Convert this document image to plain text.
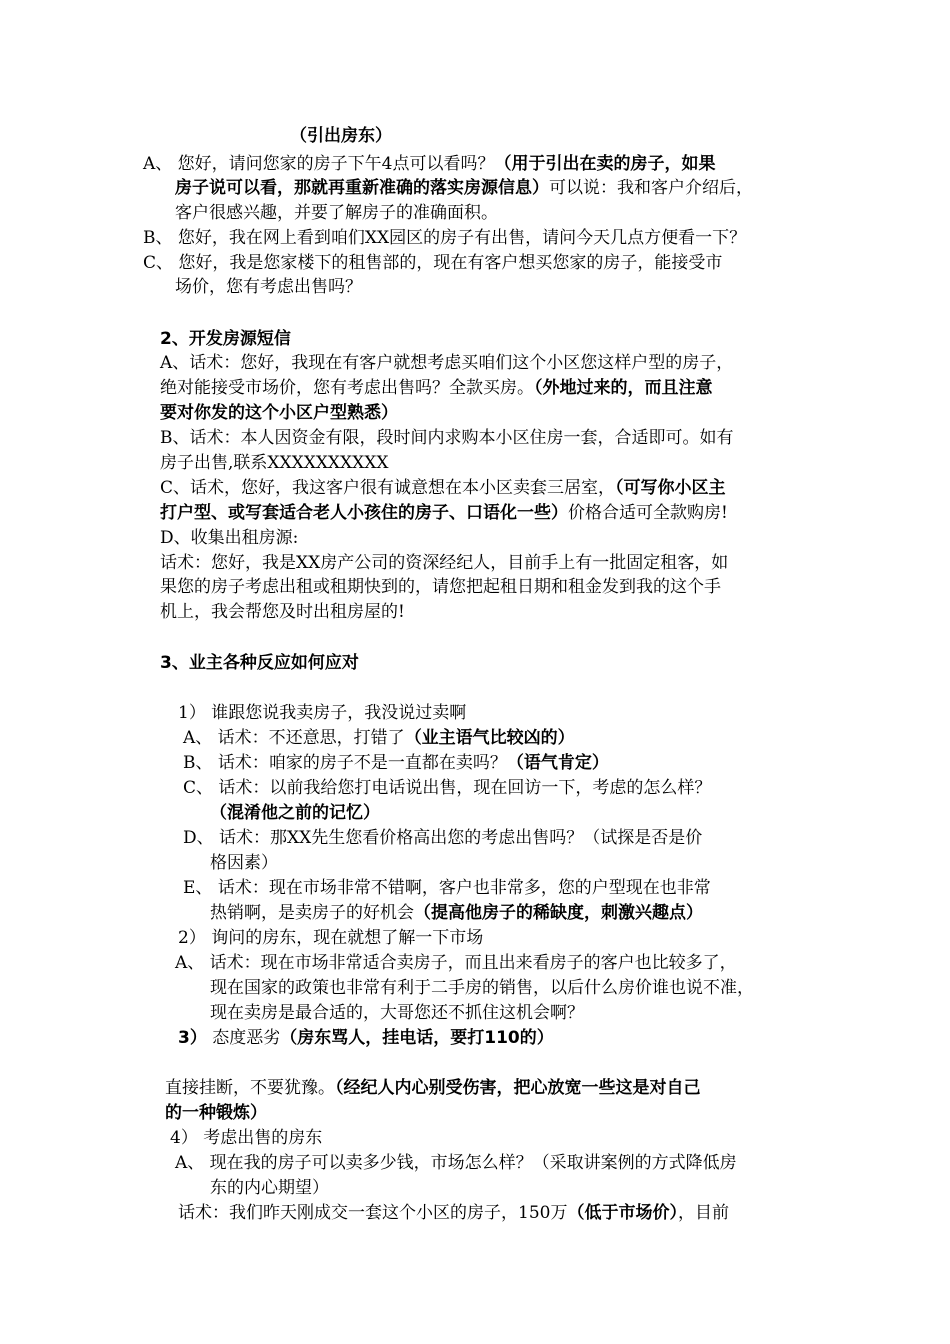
（引出房东）
A、 您好，请问您家的房子下午4点可以看吗？（用于引出在卖的房子，如果
房子说可以看，那就再重新准确的落实房源信息）可以说：我和客户介绍后，
客户很感兴趣，并要了解房子的准确面积。
B、 您好，我在网上看到咱们XX园区的房子有出售，请问今天几点方便看一下？
C、 您好，我是您家楼下的租售部的，现在有客户想买您家的房子，能接受市
场价，您有考虑出售吗？
2、开发房源短信
A、话术：您好，我现在有客户就想考虑买咱们这个小区您这样户型的房子，
绝对能接受市场价，您有考虑出售吗？全款买房。（外地过来的，而且注意
要对你发的这个小区户型熟悉）
B、话术：本人因资金有限，段时间内求购本小区住房一套，合适即可。如有
房子出售,联系XXXXXXXXXX
C、话术，您好，我这客户很有诚意想在本小区卖套三居室，（可写你小区主
打户型、或写套适合老人小孩住的房子、口语化一些）价格合适可全款购房!
D、收集出租房源:
话术：您好，我是XX房产公司的资深经纪人，目前手上有一批固定租客，如
果您的房子考虑出租或租期快到的，请您把起租日期和租金发到我的这个手
机上，我会帮您及时出租房屋的!
3、业主各种反应如何应对
1） 谁跟您说我卖房子，我没说过卖啊
A、 话术：不还意思，打错了（业主语气比较凶的）
B、 话术：咱家的房子不是一直都在卖吗？（语气肯定）
C、 话术：以前我给您打电话说出售，现在回访一下，考虑的怎么样？
（混淆他之前的记忆）
D、 话术：那XX先生您看价格高出您的考虑出售吗？（试探是否是价
格因素）
E、 话术：现在市场非常不错啊，客户也非常多，您的户型现在也非常
热销啊，是卖房子的好机会（提高他房子的稀缺度，刺激兴趣点）
2） 询问的房东，现在就想了解一下市场
A、 话术：现在市场非常适合卖房子，而且出来看房子的客户也比较多了，
现在国家的政策也非常有利于二手房的销售，以后什么房价谁也说不准，
现在卖房是最合适的，大哥您还不抓住这机会啊？
3） 态度恶劣（房东骂人，挂电话，要打110的）
直接挂断，不要犹豫。（经纪人内心别受伤害，把心放宽一些这是对自己
的一种锻炼）
4） 考虑出售的房东
A、 现在我的房子可以卖多少钱，市场怎么样？（采取讲案例的方式降低房
东的内心期望）
话术：我们昨天刚成交一套这个小区的房子，150万（低于市场价），目前
